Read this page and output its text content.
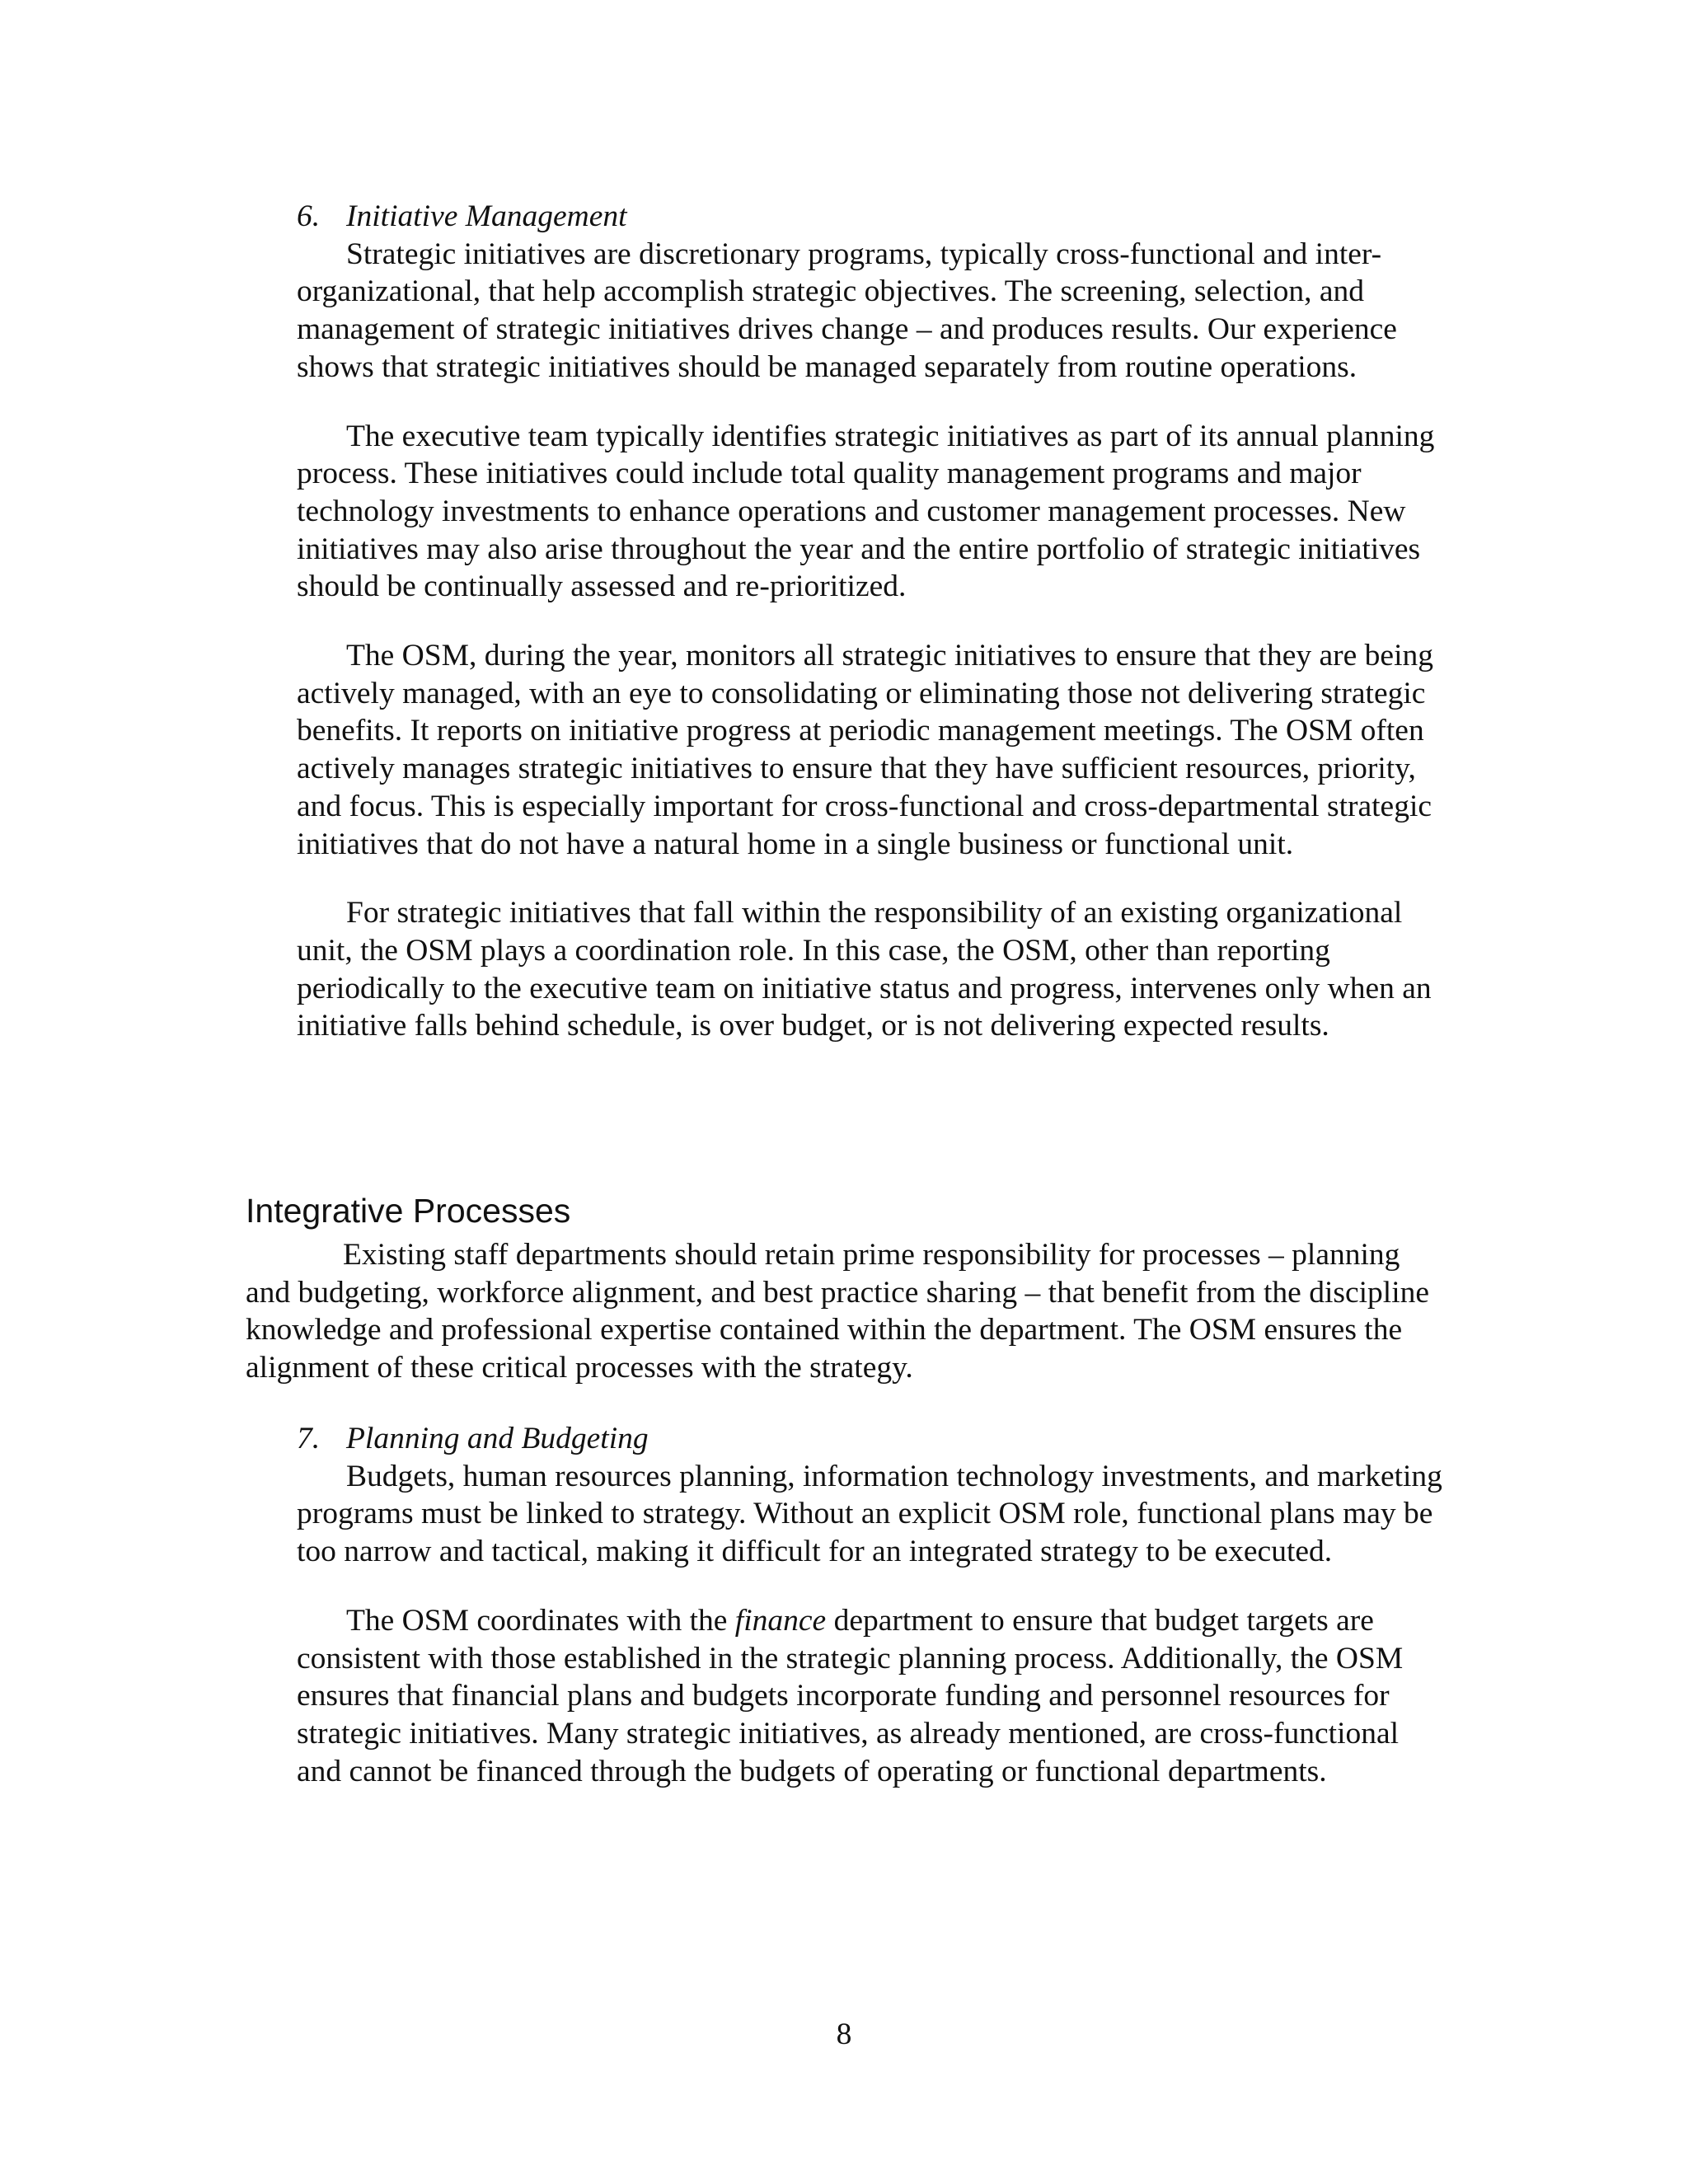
6. Initiative Management

Strategic initiatives are discretionary programs, typically cross-functional and inter-organizational, that help accomplish strategic objectives. The screening, selection, and management of strategic initiatives drives change – and produces results. Our experience shows that strategic initiatives should be managed separately from routine operations.

The executive team typically identifies strategic initiatives as part of its annual planning process. These initiatives could include total quality management programs and major technology investments to enhance operations and customer management processes. New initiatives may also arise throughout the year and the entire portfolio of strategic initiatives should be continually assessed and re-prioritized.

The OSM, during the year, monitors all strategic initiatives to ensure that they are being actively managed, with an eye to consolidating or eliminating those not delivering strategic benefits. It reports on initiative progress at periodic management meetings. The OSM often actively manages strategic initiatives to ensure that they have sufficient resources, priority, and focus. This is especially important for cross-functional and cross-departmental strategic initiatives that do not have a natural home in a single business or functional unit.

For strategic initiatives that fall within the responsibility of an existing organizational unit, the OSM plays a coordination role. In this case, the OSM, other than reporting periodically to the executive team on initiative status and progress, intervenes only when an initiative falls behind schedule, is over budget, or is not delivering expected results.

Integrative Processes

Existing staff departments should retain prime responsibility for processes – planning and budgeting, workforce alignment, and best practice sharing – that benefit from the discipline knowledge and professional expertise contained within the department. The OSM ensures the alignment of these critical processes with the strategy.

7. Planning and Budgeting

Budgets, human resources planning, information technology investments, and marketing programs must be linked to strategy. Without an explicit OSM role, functional plans may be too narrow and tactical, making it difficult for an integrated strategy to be executed.

The OSM coordinates with the finance department to ensure that budget targets are consistent with those established in the strategic planning process. Additionally, the OSM ensures that financial plans and budgets incorporate funding and personnel resources for strategic initiatives. Many strategic initiatives, as already mentioned, are cross-functional and cannot be financed through the budgets of operating or functional departments.

8
